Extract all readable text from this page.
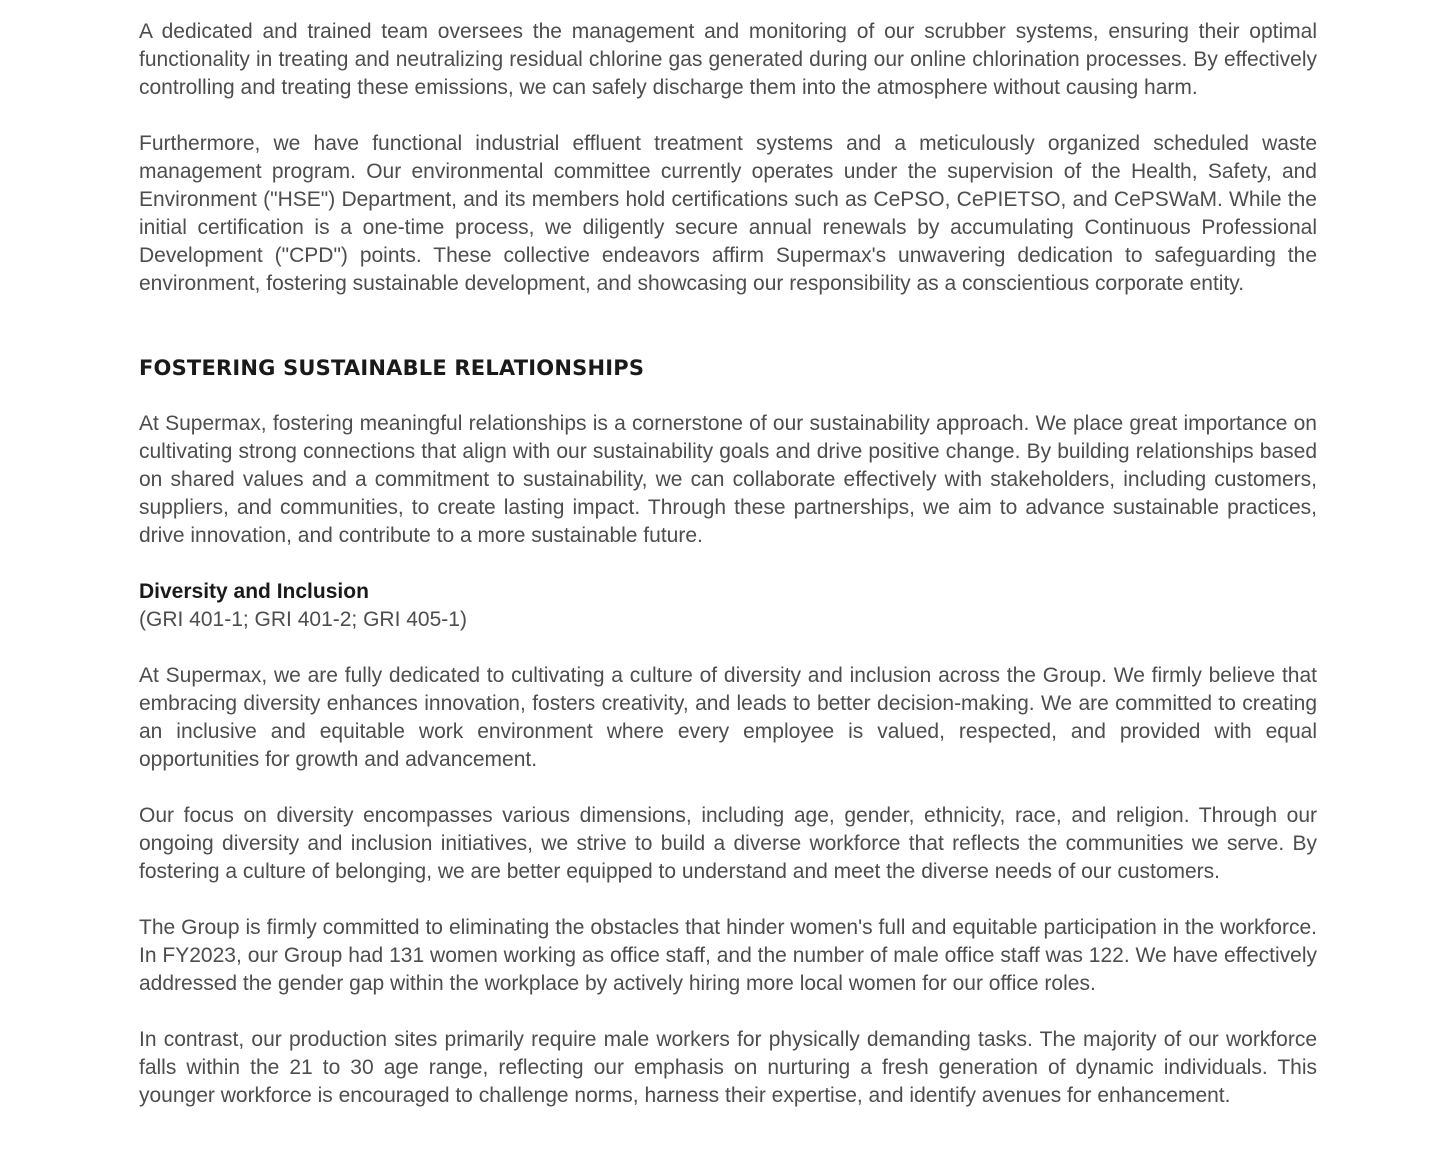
A dedicated and trained team oversees the management and monitoring of our scrubber systems, ensuring their optimal functionality in treating and neutralizing residual chlorine gas generated during our online chlorination processes. By effectively controlling and treating these emissions, we can safely discharge them into the atmosphere without causing harm.

Furthermore, we have functional industrial effluent treatment systems and a meticulously organized scheduled waste management program. Our environmental committee currently operates under the supervision of the Health, Safety, and Environment ("HSE") Department, and its members hold certifications such as CePSO, CePIETSO, and CePSWaM. While the initial certification is a one-time process, we diligently secure annual renewals by accumulating Continuous Professional Development ("CPD") points. These collective endeavors affirm Supermax's unwavering dedication to safeguarding the environment, fostering sustainable development, and showcasing our responsibility as a conscientious corporate entity.

FOSTERING SUSTAINABLE RELATIONSHIPS

At Supermax, fostering meaningful relationships is a cornerstone of our sustainability approach. We place great importance on cultivating strong connections that align with our sustainability goals and drive positive change. By building relationships based on shared values and a commitment to sustainability, we can collaborate effectively with stakeholders, including customers, suppliers, and communities, to create lasting impact. Through these partnerships, we aim to advance sustainable practices, drive innovation, and contribute to a more sustainable future.

Diversity and Inclusion

(GRI 401-1; GRI 401-2; GRI 405-1)

At Supermax, we are fully dedicated to cultivating a culture of diversity and inclusion across the Group. We firmly believe that embracing diversity enhances innovation, fosters creativity, and leads to better decision-making. We are committed to creating an inclusive and equitable work environment where every employee is valued, respected, and provided with equal opportunities for growth and advancement.

Our focus on diversity encompasses various dimensions, including age, gender, ethnicity, race, and religion. Through our ongoing diversity and inclusion initiatives, we strive to build a diverse workforce that reflects the communities we serve. By fostering a culture of belonging, we are better equipped to understand and meet the diverse needs of our customers.

The Group is firmly committed to eliminating the obstacles that hinder women's full and equitable participation in the workforce. In FY2023, our Group had 131 women working as office staff, and the number of male office staff was 122. We have effectively addressed the gender gap within the workplace by actively hiring more local women for our office roles.

In contrast, our production sites primarily require male workers for physically demanding tasks. The majority of our workforce falls within the 21 to 30 age range, reflecting our emphasis on nurturing a fresh generation of dynamic individuals. This younger workforce is encouraged to challenge norms, harness their expertise, and identify avenues for enhancement.
